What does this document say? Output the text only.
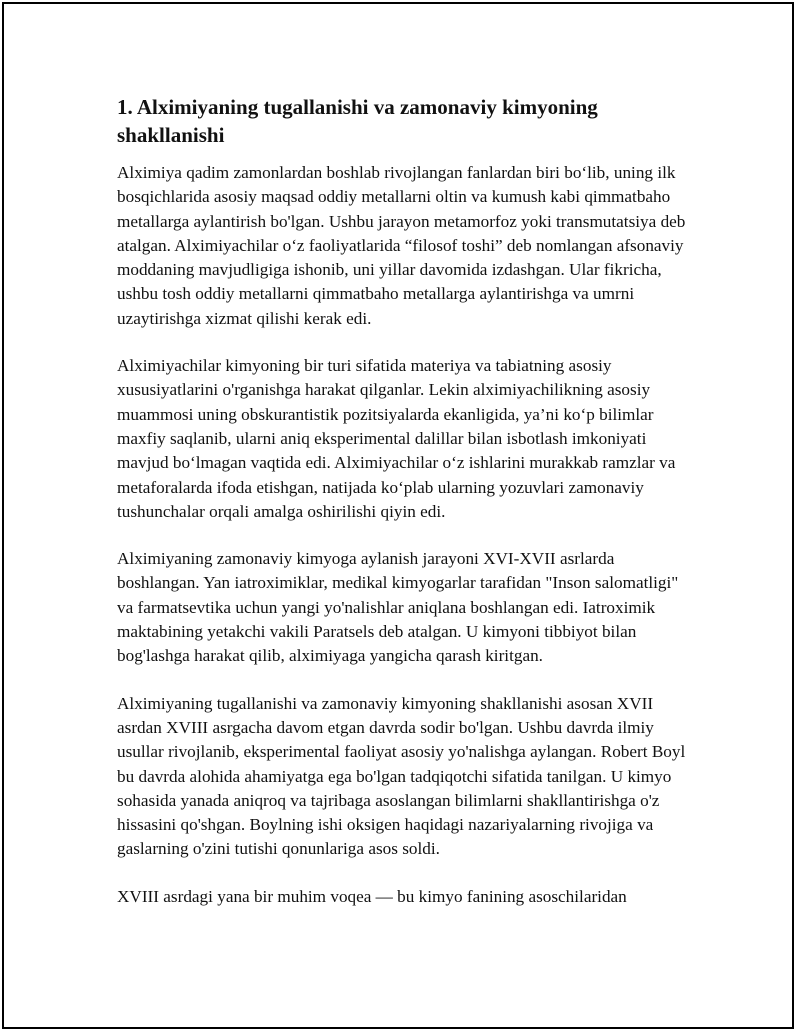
1. Alximiyaning tugallanishi va zamonaviy kimyoning shakllanishi

Alximiya qadim zamonlardan boshlab rivojlangan fanlardan biri bo‘lib, uning ilk bosqichlarida asosiy maqsad oddiy metallarni oltin va kumush kabi qimmatbaho metallarga aylantirish bo'lgan. Ushbu jarayon metamorfoz yoki transmutatsiya deb atalgan. Alximiyachilar o‘z faoliyatlarida “filosof toshi” deb nomlangan afsonaviy moddaning mavjudligiga ishonib, uni yillar davomida izdashgan. Ular fikricha, ushbu tosh oddiy metallarni qimmatbaho metallarga aylantirishga va umrni uzaytirishga xizmat qilishi kerak edi.

Alximiyachilar kimyoning bir turi sifatida materiya va tabiatning asosiy xususiyatlarini o'rganishga harakat qilganlar. Lekin alximiyachilikning asosiy muammosi uning obskurantistik pozitsiyalarda ekanligida, ya’ni ko‘p bilimlar maxfiy saqlanib, ularni aniq eksperimental dalillar bilan isbotlash imkoniyati mavjud bo‘lmagan vaqtida edi. Alximiyachilar o‘z ishlarini murakkab ramzlar va metaforalarda ifoda etishgan, natijada ko‘plab ularning yozuvlari zamonaviy tushunchalar orqali amalga oshirilishi qiyin edi.

Alximiyaning zamonaviy kimyoga aylanish jarayoni XVI-XVII asrlarda boshlangan. Yan iatroximiklar, medikal kimyogarlar tarafidan "Inson salomatligi" va farmatsevtika uchun yangi yo'nalishlar aniqlana boshlangan edi. Iatroximik maktabining yetakchi vakili Paratsels deb atalgan. U kimyoni tibbiyot bilan bog'lashga harakat qilib, alximiyaga yangicha qarash kiritgan.

Alximiyaning tugallanishi va zamonaviy kimyoning shakllanishi asosan XVII asrdan XVIII asrgacha davom etgan davrda sodir bo'lgan. Ushbu davrda ilmiy usullar rivojlanib, eksperimental faoliyat asosiy yo'nalishga aylangan. Robert Boyl bu davrda alohida ahamiyatga ega bo'lgan tadqiqotchi sifatida tanilgan. U kimyo sohasida yanada aniqroq va tajribaga asoslangan bilimlarni shakllantirishga o'z hissasini qo'shgan. Boylning ishi oksigen haqidagi nazariyalarning rivojiga va gaslarning o'zini tutishi qonunlariga asos soldi.

XVIII asrdagi yana bir muhim voqea — bu kimyo fanining asoschilaridan
